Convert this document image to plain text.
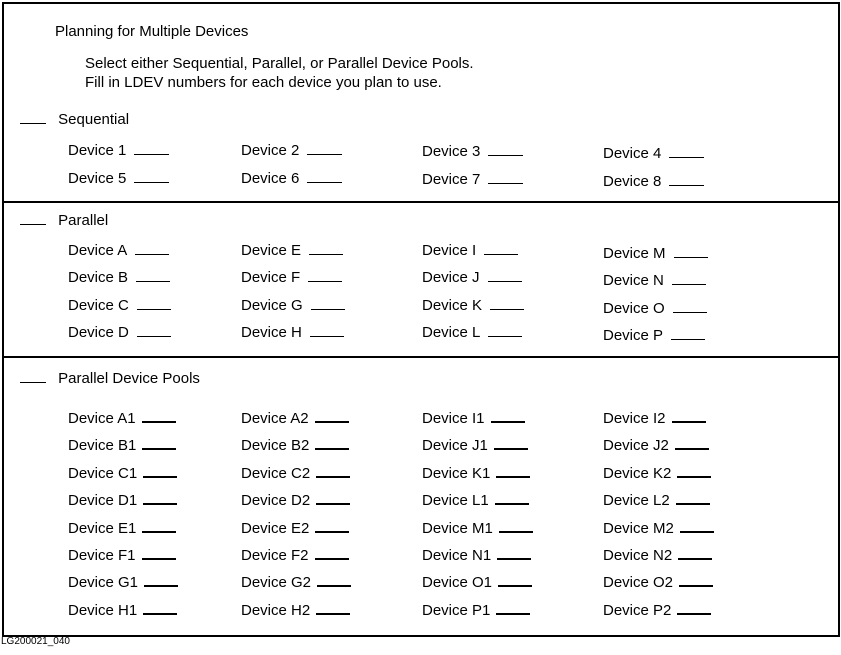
Planning for Multiple Devices
Select either Sequential, Parallel, or Parallel Device Pools.
Fill in LDEV numbers for each device you plan to use.
Sequential
Parallel
Parallel Device Pools
Device 1
Device 5
Device 2
Device 6
Device 3
Device 7
Device 4
Device 8
Device A
Device B
Device C
Device D
Device E
Device F
Device G
Device H
Device I
Device J
Device K
Device L
Device M
Device N
Device O
Device P
Device A1
Device B1
Device C1
Device D1
Device E1
Device F1
Device G1
Device H1
Device A2
Device B2
Device C2
Device D2
Device E2
Device F2
Device G2
Device H2
Device I1
Device J1
Device K1
Device L1
Device M1
Device N1
Device O1
Device P1
Device I2
Device J2
Device K2
Device L2
Device M2
Device N2
Device O2
Device P2
LG200021_040
